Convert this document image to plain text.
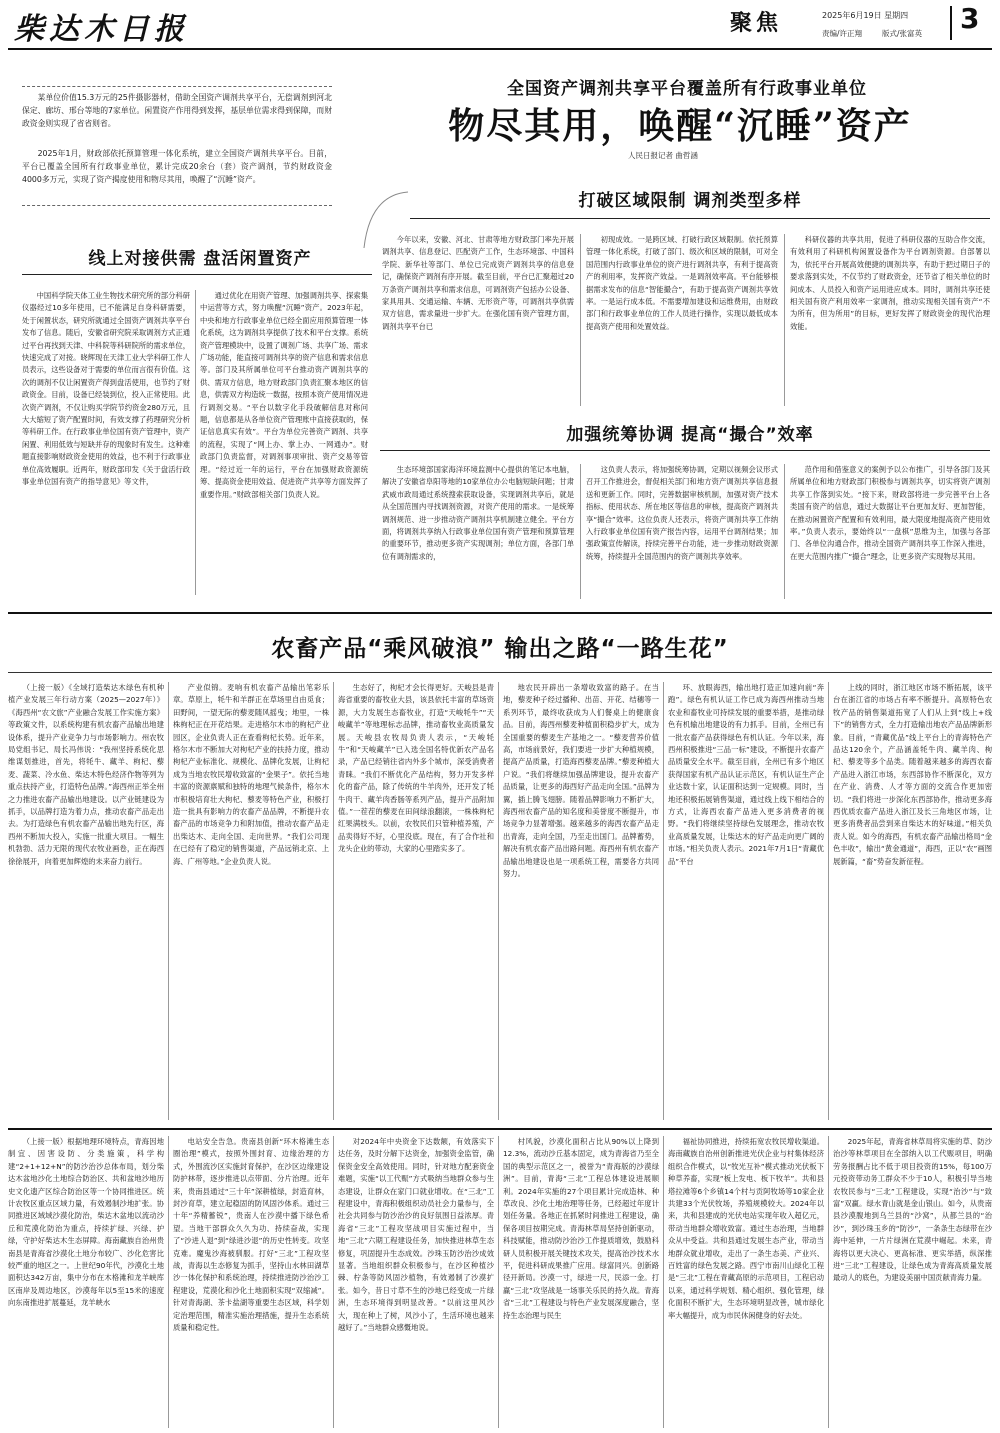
柴达木日报	聚焦	2025年6月19日 星期四
责编/许正翔	版式/张富英 3

某单位价值15.3万元的25件摄影器材，借助全国资产调剂共享平台，无偿调剂到河北保定、廊坊、邢台等地的7家单位。闲置资产作用得到发挥，基层单位需求得到保障，而财政资金则实现了省省则省。

2025年1月，财政部依托预算管理一体化系统，建立全国资产调剂共享平台。目前，平台已覆盖全国所有行政事业单位，累计完成20余台（套）资产调剂，节约财政资金4000多万元，实现了资产揭度使用和物尽其用，唤醒了“沉睡”资产。

全国资产调剂共享平台覆盖所有行政事业单位
物尽其用，唤醒“沉睡”资产
人民日报记者 曲哲涵
线上对接供需 盘活闲置资产

中国科学院天体工业生物技术研究所的部分科研仪器经过10多年使用，已不能满足自身科研需要，处于闲置状态，研究所就通过全国资产调剂共享平台发布了信息。随后，安徽省研究院采取调剂方式正通过平台再找到天津、中科院等科研院所的需求单位，快速完成了对接。晓辉现在天津工业大学科研工作人员表示，这些设备对于需要的单位而言很有价值。这次的调剂不仅让闲置资产得到盘活使用，也节约了财政资金。目前，设备已经装到位，投入正常使用。此次资产调剂，不仅让购买学院节约资金280万元，且大大缩短了资产配置时间，有效支撑了药理研究分析等科研工作。在行政事业单位国有资产管理中，资产闲置、利用低效与短缺并存的现象时有发生。这种难题直接影响财政资金使用的效益，也不利于行政事业单位高效履职。近两年，财政部印发《关于盘活行政事业单位国有资产的指导意见》等文件，

通过优化在用资产管理、加强调剂共享、探索集中运营等方式，努力唤醒“沉睡”资产。2023年起，中央和地方行政事业单位已经全面应用预算管理一体化系统，这为调剂共享提供了技术和平台支撑。系统资产管理模块中，设置了调剂广场、共享广场、需求广场功能，能直接可调剂共享的资产信息和需求信息等。部门及其所属单位可平台推动资产调剂共享的供、需双方信息，地方财政部门负责汇聚本地区的信息，供需双方构造统一数据，按照本资产使用情况进行调剂交易。“平台以数字化手段破解信息对称问题，信息都是从各单位资产管理账中直接获取的，保证信息真实有效”。平台为单位完善资产调剂、共享的流程，实现了“网上办、掌上办、一网通办”。财政部门负责监督，对调剂事项审批、资产交易等管理。“经过近一年的运行，平台在加强财政资源统筹、提高资金使用效益、促进资产共享等方面发挥了重要作用。”财政部相关部门负责人说。

打破区域限制 调剂类型多样

今年以来，安徽、河北、甘肃等地方财政部门率先开展调剂共享、信息登记、匹配资产工作，生态环境部、中国科学院、新华社等部门、单位已完成资产调剂共享的信息登记，确保资产调剂有序开展。截至目前，平台已汇聚超过20万条资产调剂共享和需求信息，可调剂资产包括办公设备、家具用具、交通运输、车辆、无形资产等，可调剂共享供需双方信息，需求量进一步扩大。在强化国有资产管理方面，调剂共享平台已

初现成效。一是跨区域、打破行政区域限制。依托预算管理一体化系统，打破了部门、级次和区域的限制，可对全国范围内行政事业单位的资产进行调剂共享，有利于提高资产的利用率，发挥资产效益。一是调剂效率高。平台能够根据需求发布的信息“智能撮合”，有助于提高资产调剂共享效率。一是运行成本低。不需要增加建设和运维费用，由财政部门和行政事业单位的工作人员进行操作，实现以最低成本提高资产使用和处置效益。

科研仪器的共享共用，促进了科研仪器的互助合作交流，有效利用了科研机构闲置设备作为平台调剂资源。自部署以为，依托平台开展高效便捷的调剂共享，有助于把过期日子的要求落到实处，不仅节约了财政资金，还节省了相关单位的时间成本、人员投入和资产运用进应成本。同时，调剂共享还使相关国有资产利用效率一家调剂，推动实现相关国有资产“不为所有，但为所用”的目标，更好发挥了财政资金的现代治理效能。

加强统筹协调 提高“撮合”效率

生态环境部国家海洋环境监测中心提供的笔记本电脑，解决了安徽省阜阳等地的10家单位办公电脑短缺问题；甘肃武威市政局通过系统搜索获取设备，实现调剂共享后，就是从全国范围内寻找调剂资源，对资产使用的需求。一是统筹调剂规范、进一步推动资产调剂共享机制建立健全。平台方面，将调剂共享纳入行政事业单位国有资产管理和预算管理的重要环节，推动更多资产实现调剂；单位方面，各部门单位有调剂需求的，

这负责人表示，将加强统筹协调，定期以视频会议形式召开工作推进会，督促相关部门和地方资产调剂共享信息报送和更新工作。同时，完善数据审核机制，加强对资产技术指标、使用状态、所在地区等信息的审核，提高资产调剂共享“撮合”效率。这位负责人还表示，将资产调剂共享工作纳入行政事业单位国有资产报告内容，运用平台调剂结果；加强政策宣传解读，持续完善平台功能，进一步推动财政资源统筹，持续提升全国范围内的资产调剂共享效率。

范作用和借鉴意义的案例予以公布推广，引导各部门及其所属单位和地方财政部门积极参与调剂共享，切实将资产调剂共享工作落到实处。“接下来，财政部将进一步完善平台上各类国有资产的信息，通过大数据让平台更加友好、更加智能，在推动闲置资产配置和有效利用，最大限度地提高资产使用效率。”负责人表示，要始终以“一盘棋”思维为主，加强与各部门、各单位沟通合作，推动全国资产调剂共享工作深入推进，在更大范围内推广“撮合”理念，让更多资产实现物尽其用。

农畜产品“乘风破浪” 输出之路“一路生花”

（上接一版）《全域打造柴达木绿色有机种植产业发展三年行动方案（2025—2027年）》《海西州“农文旅”产业融合发展工作实施方案》等政策文件，以系统构建有机农畜产品输出地建设体系，提升产业竞争力与市场影响力。州农牧局党组书记、局长冯伟说：“我州坚持系统化思维谋划推进，首先，将牦牛、藏羊、枸杞、藜麦、蔬菜、冷水鱼、柴达木特色经济作物等列为重点扶持产业，打造特色品牌。”海西州正举全州之力推进农畜产品输出地建设。以产业链建设为抓手，以品牌打造为着力点，推动农畜产品走出去。为打造绿色有机农畜产品输出地先行区，海西州不断加大投入，实施一批重大项目。一幅生机勃勃、活力无限的现代农牧业画卷，正在海西徐徐展开，向着更加辉煌的未来奋力前行。

产业似锦。麦响有机农畜产品输出笔彩乐章。草原上，牦牛和羊群正在草场里自由觅食；田野间，一望无际的藜麦随风摇曳；地里，一株株枸杞正在开花结果。走进格尔木市的枸杞产业园区，企业负责人正在查看枸杞长势。近年来，格尔木市不断加大对枸杞产业的扶持力度，推动枸杞产业标准化、规模化、品牌化发展，让枸杞成为当地农牧民增收致富的“金果子”。依托当地丰富的资源禀赋和独特的地理气候条件，格尔木市积极培育壮大枸杞、藜麦等特色产业，积极打造一批具有影响力的农畜产品品牌，不断提升农畜产品的市场竞争力和附加值，推动农畜产品走出柴达木、走向全国、走向世界。“我们公司现在已经有了稳定的销售渠道，产品远销北京、上海、广州等地。”企业负责人说。

生态好了，枸杞才会长得更好。天峻县是青海省重要的畜牧业大县，该县依托丰富的草场资源，大力发展生态畜牧业，打造“天峻牦牛”“天峻藏羊”等地理标志品牌，推动畜牧业高质量发展。天峻县农牧局负责人表示，“天峻牦牛”和“天峻藏羊”已入选全国名特优新农产品名录，产品已经销往省内外多个城市，深受消费者青睐。“我们不断优化产品结构，努力开发多样化的畜产品，除了传统的牛羊肉外，还开发了牦牛肉干、藏羊肉香肠等系列产品，提升产品附加值。”一茬茬的藜麦在田间绿浪翻滚，一株株枸杞红果满枝头。以前，农牧民们只管种植养殖，产品卖得好不好，心里没底。现在，有了合作社和龙头企业的带动，大家的心里踏实多了。

地农民开辟出一条增收致富的路子。在当地，藜麦种子经过播种、出苗、开花、结穗等一系列环节，最终收获成为人们餐桌上的健康食品。目前，海西州藜麦种植面积稳步扩大，成为全国重要的藜麦生产基地之一。“藜麦营养价值高，市场前景好，我们要进一步扩大种植规模，提高产品质量，打造海西藜麦品牌。”藜麦种植大户说。“我们将继续加强品牌建设，提升农畜产品质量，让更多的海西好产品走向全国。”品牌为翼，插上腾飞翅膀。随着品牌影响力不断扩大，海西州农畜产品的知名度和美誉度不断提升，市场竞争力显著增强。越来越多的海西农畜产品走出青海，走向全国，乃至走出国门。品牌蓄势，解决有机农畜产品出路问题。海西州有机农畜产品输出地建设也是一项系统工程，需要各方共同努力。

环、放眼海西，输出地打造正加速向前“奔跑”。绿色有机认证工作已成为海西州推动当地农业和畜牧业可持续发展的重要举措，是推动绿色有机输出地建设的有力抓手。目前，全州已有一批农畜产品获得绿色有机认证。今年以来，海西州积极推进“三品一标”建设，不断提升农畜产品质量安全水平。截至目前，全州已有多个地区获得国家有机产品认证示范区，有机认证生产企业达数十家，认证面积达到一定规模。同时，当地还积极拓展销售渠道，通过线上线下相结合的方式，让海西农畜产品进入更多消费者的视野。“我们将继续坚持绿色发展理念，推动农牧业高质量发展，让柴达木的好产品走向更广阔的市场。”相关负责人表示。2021年7月1日“青藏优品”平台

上线的同时，浙江地区市场不断拓展，该平台在浙江省的市场占有率不断提升。高原特色农牧产品的销售渠道拓宽了人们从上到“线上+线下”的销售方式，全力打造输出地农产品品牌新形象。目前，“青藏优品”线上平台上的青海特色产品达120余个，产品涵盖牦牛肉、藏羊肉、枸杞、藜麦等多个品类。随着越来越多的海西农畜产品进入浙江市场，东西部协作不断深化，双方在产业、消费、人才等方面的交流合作更加密切。“我们将进一步深化东西部协作，推动更多海西优质农畜产品进入浙江及长三角地区市场，让更多消费者品尝到来自柴达木的好味道。”相关负责人说。如今的海西，有机农畜产品输出格局“金色丰收”，输出“黄金通道”，海西，正以“农”画图展新篇，“畜”势奋发新征程。

（上接一版）根据地理环境特点，青海因地制宜、因害设防、分类施策，科学构建“2+1+12+N”的防沙治沙总体布局，划分柴达木盆地沙化土地综合防治区、共和盆地沙地历史文化遗产区综合防治区等一个协同推进区。统计农牧区重点区域力量，有效遏制沙地扩张。协同推进区域域沙漠化防治，柴达木盆地以流动沙丘和荒漠化防治为重点，持续扩绿、兴绿、护绿，守护好柴达木生态屏障。海南藏族自治州贵南县是青海省沙漠化土地分布较广、沙化危害比较严重的地区之一。上世纪90年代，沙漠化土地面积达342万亩，集中分布在木格滩和龙羊峡库区南岸及周边地区，沙漠每年以5至15米的速度向东南推进扩展蔓延，龙羊峡水

电站安全告急。贵南县创新“环木格滩生态圈治理”模式，按照外围封育、边缘治理的方式，外围流沙区实施封育保护，在沙区边缘建设防护林带，逐步推进以点带面、分片治理。近年来，贵南县通过“三十年”深耕植绿，封造育林，封沙育草，建立起稳固的防风固沙体系。通过三十年“养精蓄锐”，贵南人在沙漠中播下绿色希望。当地干部群众久久为功、持续奋战，实现了“沙进人退”到“绿进沙退”的历史性转变。攻坚克难。魔鬼沙海被驯服。打好“三北”工程攻坚战，青海以生态修复为抓手，坚持山水林田湖草沙一体化保护和系统治理，持续推进防沙治沙工程建设，荒漠化和沙化土地面积实现“双缩减”。针对青海湖、茶卡盐湖等重要生态区域，科学划定治理范围，精准实施治理措施，提升生态系统质量和稳定性。

对2024年中央资金下达数额，有效落实下达任务，及时分解下达资金，加强资金监管，确保资金安全高效使用。同时，针对地方配套资金难题，实施“以工代赈”方式吸纳当地群众参与生态建设，让群众在家门口就业增收。在“三北”工程建设中，青海积极组织动员社会力量参与，全社会共同参与防沙治沙的良好氛围日益浓厚。青海省“三北”工程攻坚战项目实施过程中，当地“三北”六期工程建设任务，加快推进林草生态修复，巩固提升生态成效。沙珠玉防沙治沙成效显著。当地组织群众积极参与，在沙区种植沙棘、柠条等防风固沙植物，有效遏制了沙漠扩张。如今，昔日寸草不生的沙地已经变成一片绿洲，生态环境得到明显改善。“以前这里风沙大，现在种上了树，风沙小了，生活环境也越来越好了。”当地群众感慨地说。

村风貌，沙漠化面积占比从90%以上降到12.3%，流动沙丘基本固定，成为青海省乃至全国的典型示范区之一，被誉为“青海版的沙漠绿洲”。目前，青海“三北”工程总体建设进展顺利。2024年实施的27个项目累计完成造林、种草改良、沙化土地治理等任务，已经超过年度计划任务量。各地正在抓紧时间推进工程建设，确保各项目按期完成。青海林草局坚持创新驱动，科技赋能，推动防沙治沙工作提质增效，鼓励科研人员积极开展关键技术攻关，提高治沙技术水平，促进科研成果推广应用。绿富同兴。创新路径开新局。沙漠一寸，绿进一尺，民添一金。打赢“三北”攻坚战是一场事关乐民的持久战。青海省“三北”工程建设与特色产业发展深度融合，坚持生态治理与民生

福祉协同推进，持续拓宽农牧民增收渠道。海南藏族自治州创新推进光伏企业与村集体经济组织合作模式，以“牧光互补”模式推动光伏板下种草养畜，实现“板上发电、板下牧羊”。共和县塔拉滩等6个乡镇14个村与贡阿牧场等10家企业共建33个光伏牧场，养殖规模较大。2024年以来，共和县建成的光伏电站实现年收入超亿元，带动当地群众增收致富。通过生态治理，当地群众从中受益。共和县通过发展生态产业，带动当地群众就业增收，走出了一条生态美、产业兴、百姓富的绿色发展之路。西宁市南川山绿化工程是“三北”工程在青藏高原的示范项目，工程启动以来，通过科学规划、精心组织、强化管理，绿化面积不断扩大，生态环境明显改善，城市绿化率大幅提升，成为市民休闲健身的好去处。

2025年起，青海省林草局将实施的草、防沙治沙等林草项目在全部纳入以工代赈项目，明确劳务报酬占比不低于项目投资的15%，每100万元投资带动务工群众不少于10人，积极引导当地农牧民参与“三北”工程建设，实现“治沙”与“致富”双赢。绿水青山就是金山银山。如今，从贵南县沙漠腹地到乌兰县的“沙窝”，从都兰县的“治沙”，到沙珠玉乡的“防沙”，一条条生态绿带在沙海中延伸，一片片绿洲在荒漠中崛起。未来，青海将以更大决心、更高标准、更实举措，纵深推进“三北”工程建设，让绿色成为青海高质量发展最动人的底色，为建设美丽中国贡献青海力量。
